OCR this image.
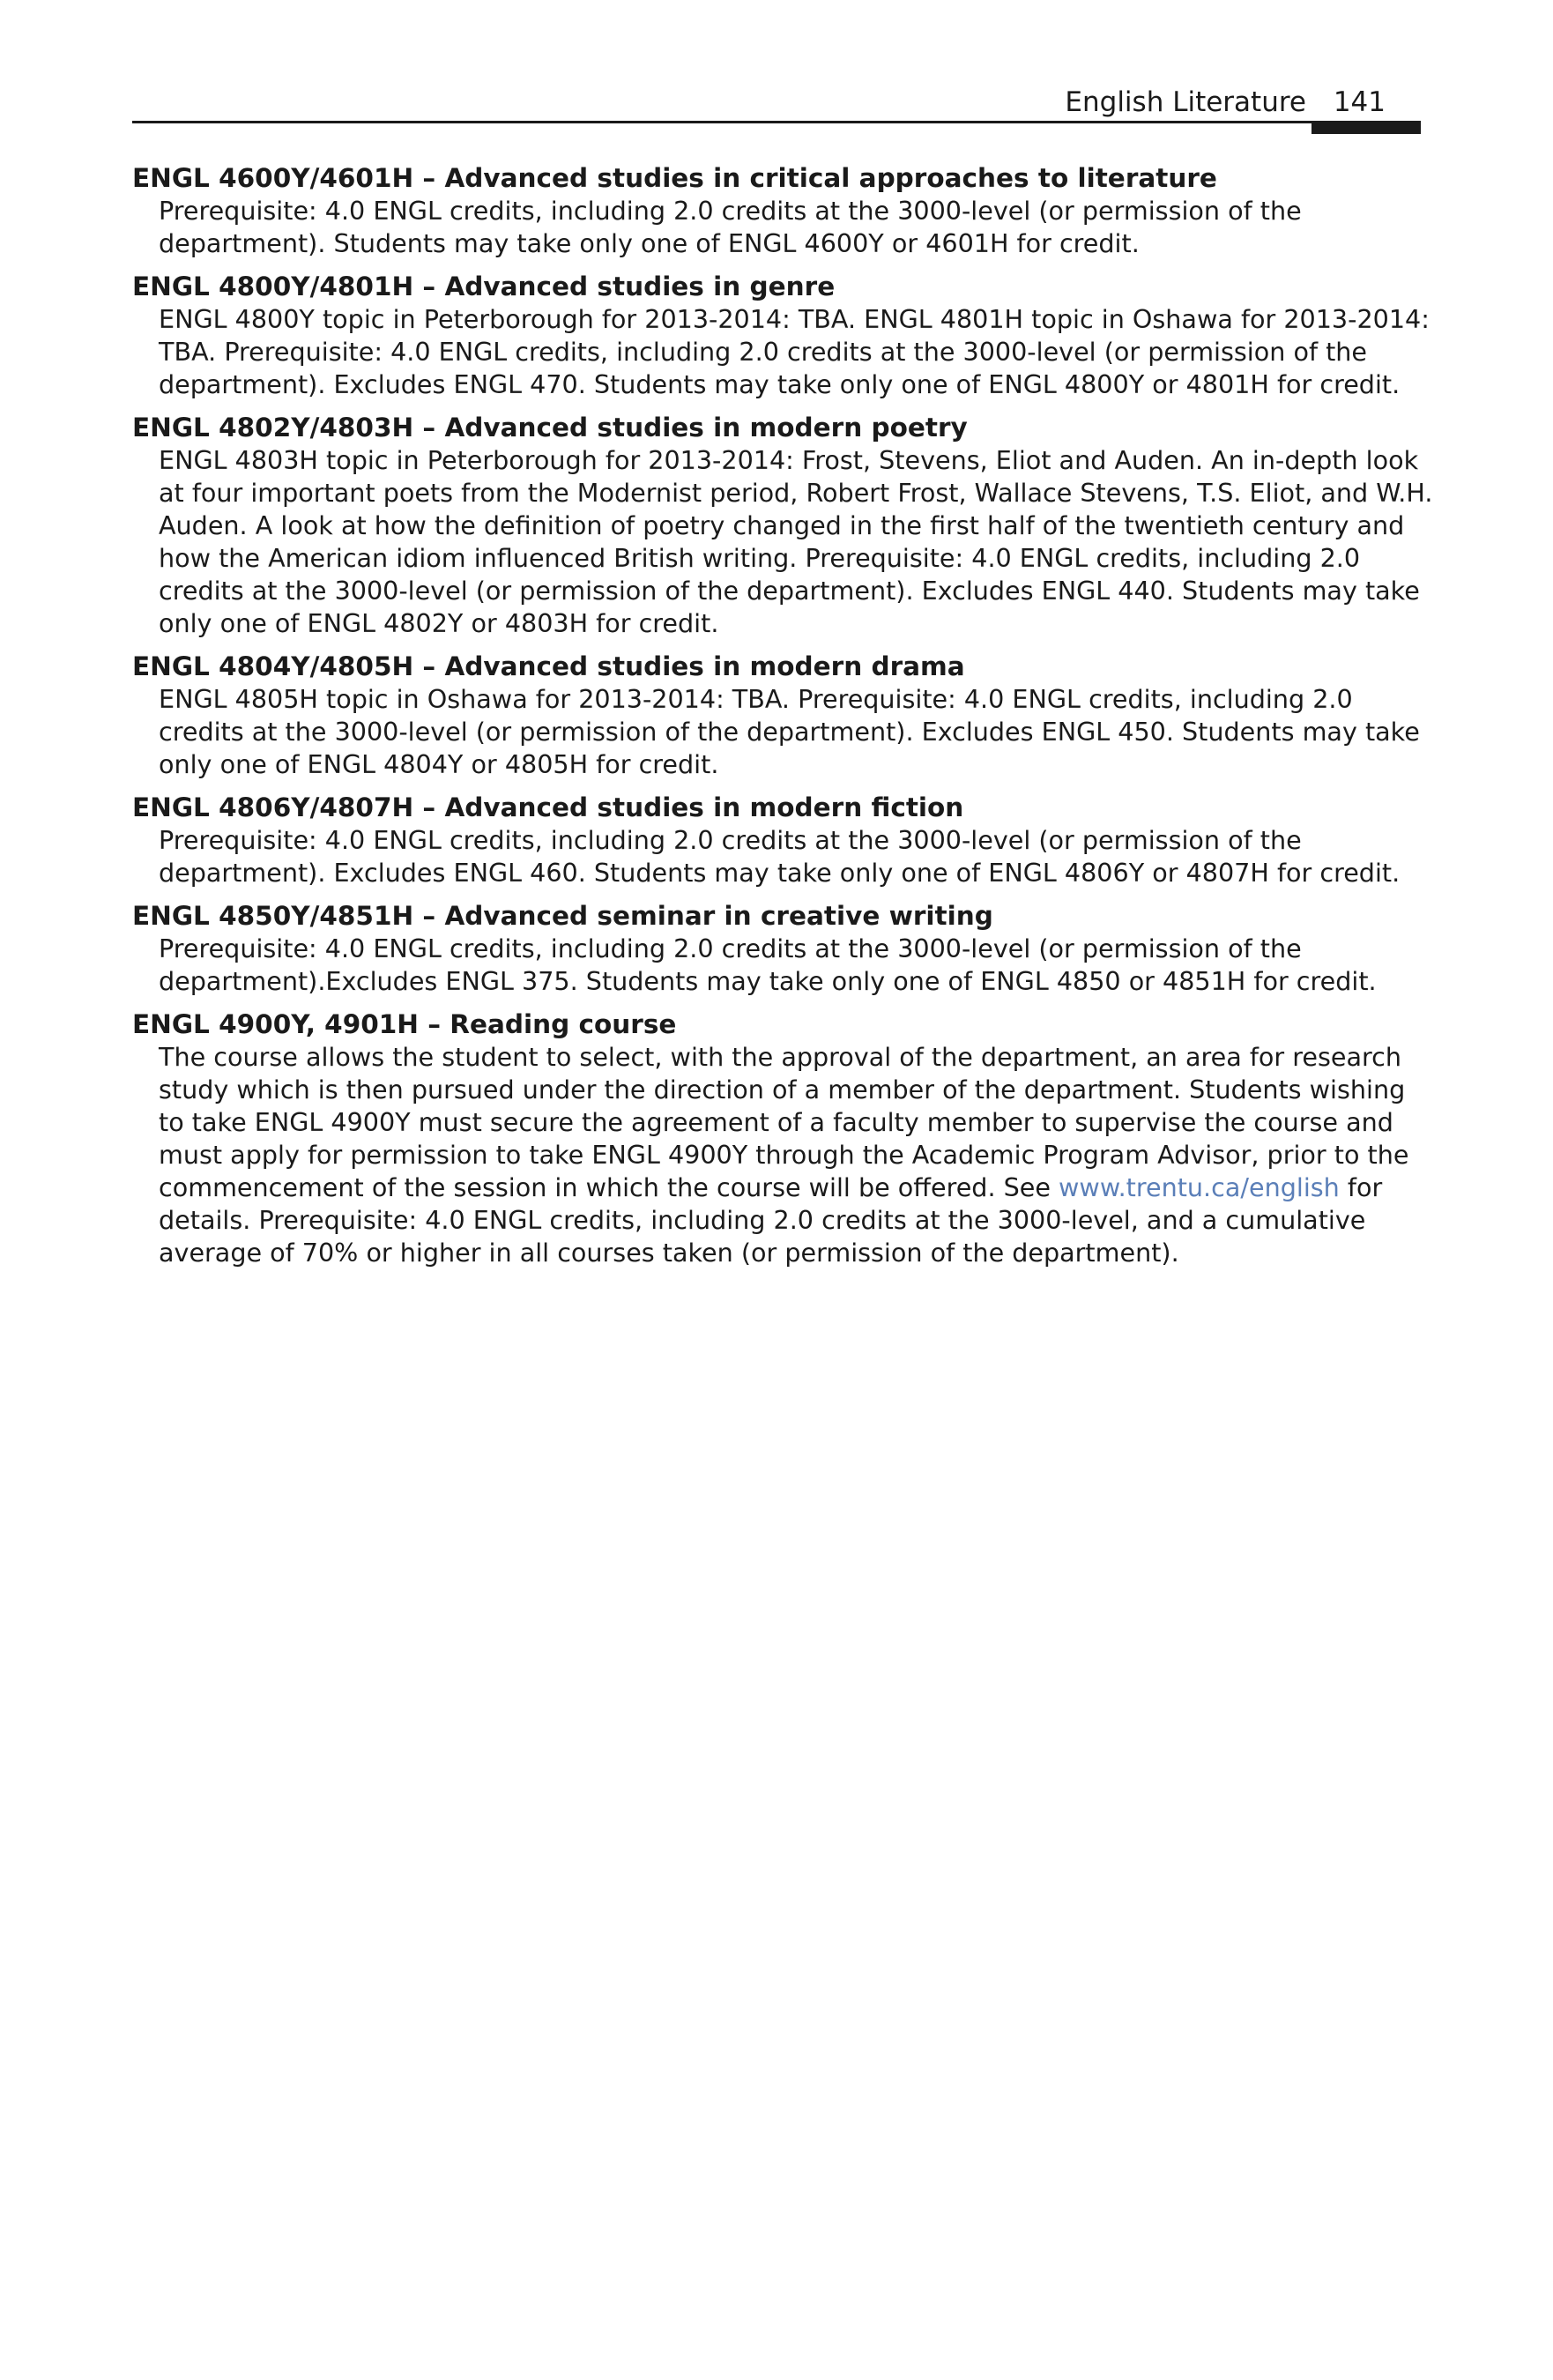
English Literature 141
ENGL 4600Y/4601H – Advanced studies in critical approaches to literature
Prerequisite: 4.0 ENGL credits, including 2.0 credits at the 3000-level (or permission of the department). Students may take only one of ENGL 4600Y or 4601H for credit.
ENGL 4800Y/4801H – Advanced studies in genre
ENGL 4800Y topic in Peterborough for 2013-2014: TBA. ENGL 4801H topic in Oshawa for 2013-2014: TBA. Prerequisite: 4.0 ENGL credits, including 2.0 credits at the 3000-level (or permission of the department). Excludes ENGL 470. Students may take only one of ENGL 4800Y or 4801H for credit.
ENGL 4802Y/4803H – Advanced studies in modern poetry
ENGL 4803H topic in Peterborough for 2013-2014: Frost, Stevens, Eliot and Auden. An in-depth look at four important poets from the Modernist period, Robert Frost, Wallace Stevens, T.S. Eliot, and W.H. Auden. A look at how the definition of poetry changed in the first half of the twentieth century and how the American idiom influenced British writing. Prerequisite: 4.0 ENGL credits, including 2.0 credits at the 3000-level (or permission of the department). Excludes ENGL 440. Students may take only one of ENGL 4802Y or 4803H for credit.
ENGL 4804Y/4805H – Advanced studies in modern drama
ENGL 4805H topic in Oshawa for 2013-2014: TBA. Prerequisite: 4.0 ENGL credits, including 2.0 credits at the 3000-level (or permission of the department). Excludes ENGL 450. Students may take only one of ENGL 4804Y or 4805H for credit.
ENGL 4806Y/4807H – Advanced studies in modern fiction
Prerequisite: 4.0 ENGL credits, including 2.0 credits at the 3000-level (or permission of the department). Excludes ENGL 460. Students may take only one of ENGL 4806Y or 4807H for credit.
ENGL 4850Y/4851H – Advanced seminar in creative writing
Prerequisite: 4.0 ENGL credits, including 2.0 credits at the 3000-level (or permission of the department).Excludes ENGL 375. Students may take only one of ENGL 4850 or 4851H for credit.
ENGL 4900Y, 4901H – Reading course
The course allows the student to select, with the approval of the department, an area for research study which is then pursued under the direction of a member of the department. Students wishing to take ENGL 4900Y must secure the agreement of a faculty member to supervise the course and must apply for permission to take ENGL 4900Y through the Academic Program Advisor, prior to the commencement of the session in which the course will be offered. See www.trentu.ca/english for details. Prerequisite: 4.0 ENGL credits, including 2.0 credits at the 3000-level, and a cumulative average of 70% or higher in all courses taken (or permission of the department).
